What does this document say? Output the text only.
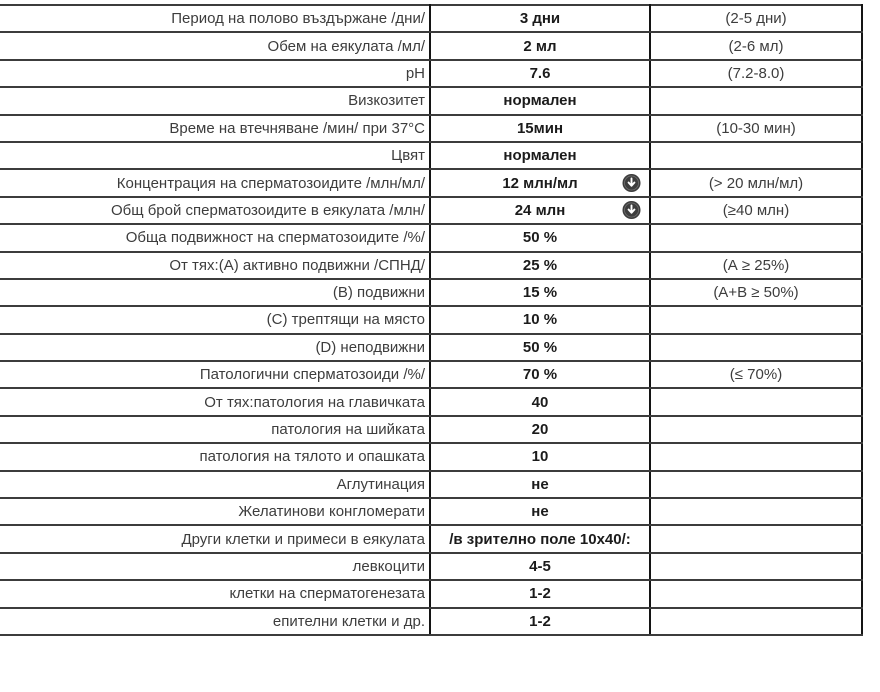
Период на полово въздържане /дни/	3 дни	(2-5 дни)
Обем на еякулата /мл/	2 мл	(2-6 мл)
pH	7.6	(7.2-8.0)
Визкозитет	нормален	
Време на втечняване /мин/ при 37°С	15мин	(10-30 мин)
Цвят	нормален	
Концентрация на сперматозоидите /млн/мл/	12 млн/мл	(> 20 млн/мл)
Общ брой сперматозоидите в еякулата /млн/	24 млн	(≥40 млн)
Обща подвижност на сперматозоидите /%/	50 %	
От тях:(А) активно подвижни /СПНД/	25 %	(А ≥ 25%)
(В) подвижни	15 %	(А+В ≥ 50%)
(С) трептящи на място	10 %	
(D) неподвижни	50 %	
Патологични сперматозоиди /%/	70 %	(≤ 70%)
От тях:патология на главичката	40	
патология на шийката	20	
патология на тялото и опашката	10	
Аглутинация	не	
Желатинови конгломерати	не	
Други клетки и примеси в еякулата	/в зрително поле 10х40/:	
левкоцити	4-5	
клетки на сперматогенезата	1-2	
епителни клетки и др.	1-2	
